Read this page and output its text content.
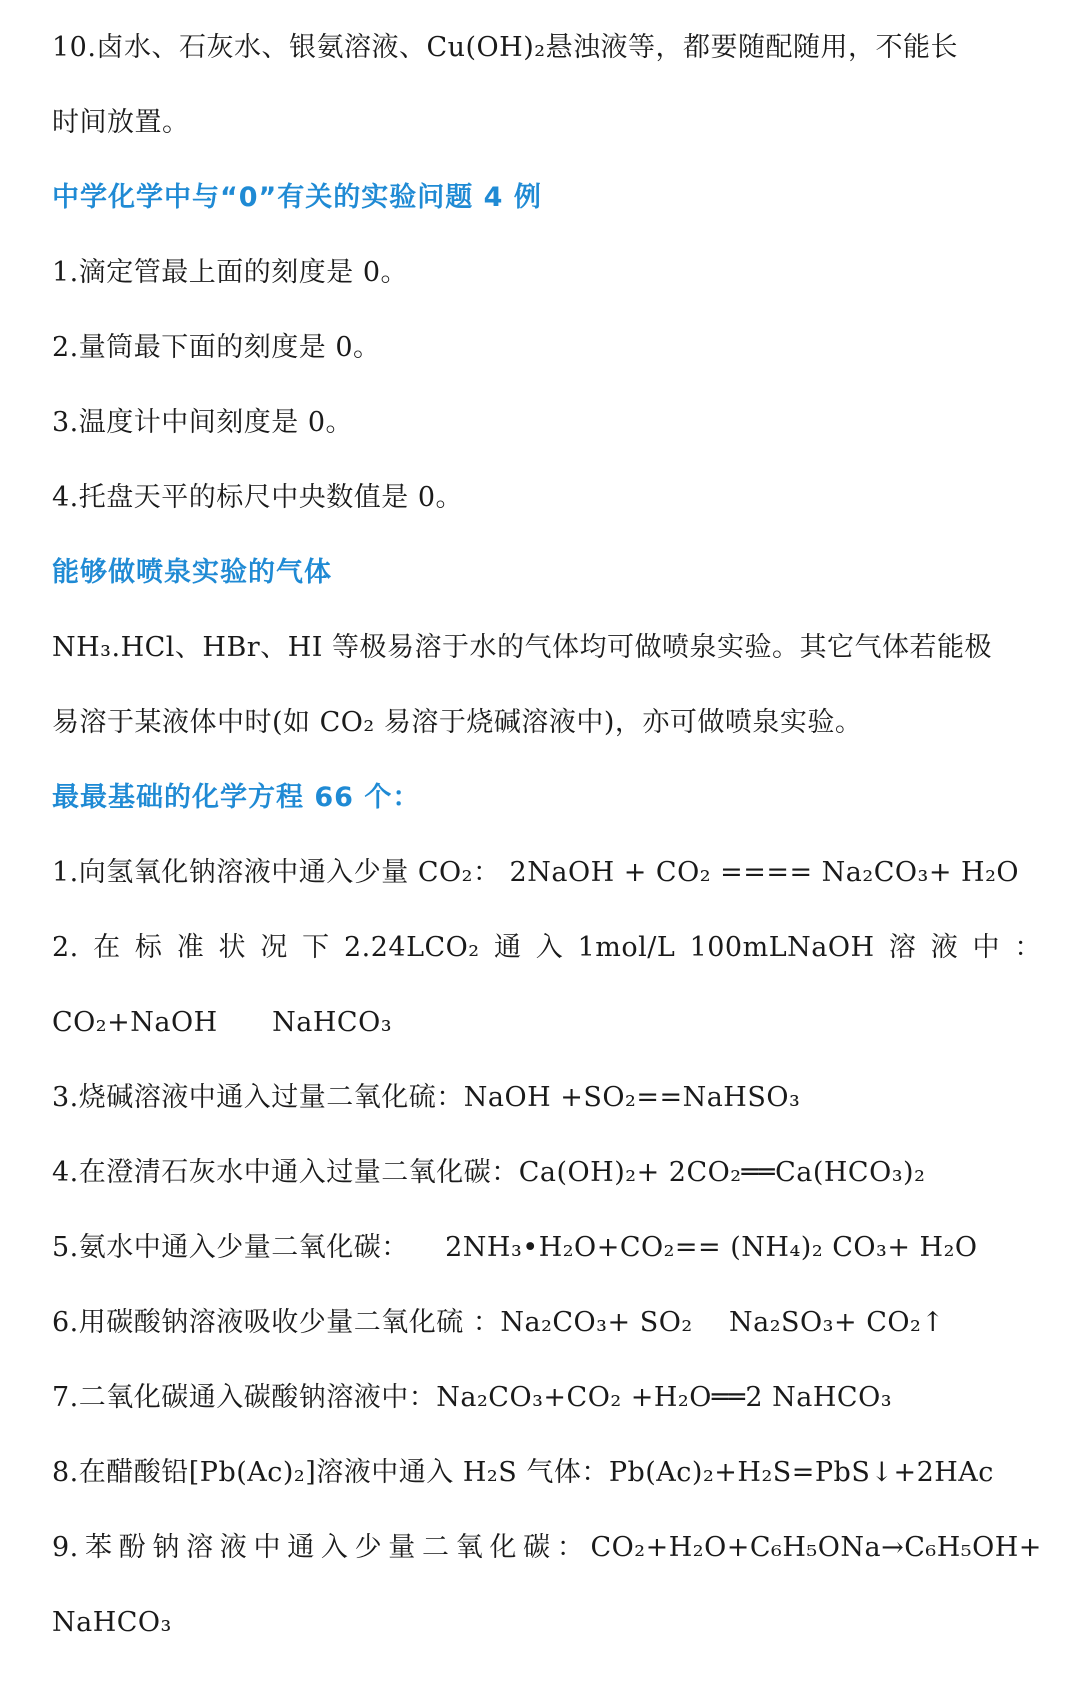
10.卤水、石灰水、银氨溶液、Cu(OH)₂悬浊液等，都要随配随用，不能长
时间放置。
中学化学中与“0”有关的实验问题 4 例
1.滴定管最上面的刻度是 0。
2.量筒最下面的刻度是 0。
3.温度计中间刻度是 0。
4.托盘天平的标尺中央数值是 0。
能够做喷泉实验的气体
NH₃.HCl、HBr、HI 等极易溶于水的气体均可做喷泉实验。其它气体若能极
易溶于某液体中时(如 CO₂ 易溶于烧碱溶液中)，亦可做喷泉实验。
最最基础的化学方程 66 个：
1.向氢氧化钠溶液中通入少量 CO₂： 2NaOH + CO₂ ==== Na₂CO₃+ H₂O
2. 在 标 准 状 况 下 2.24LCO₂ 通 入 1mol/L 100mLNaOH 溶 液 中 ：
CO₂+NaOH      NaHCO₃
3.烧碱溶液中通入过量二氧化硫：NaOH +SO₂==NaHSO₃
4.在澄清石灰水中通入过量二氧化碳：Ca(OH)₂+ 2CO₂══Ca(HCO₃)₂
5.氨水中通入少量二氧化碳：    2NH₃•H₂O+CO₂== (NH₄)₂ CO₃+ H₂O
6.用碳酸钠溶液吸收少量二氧化硫 ：Na₂CO₃+ SO₂    Na₂SO₃+ CO₂↑
7.二氧化碳通入碳酸钠溶液中：Na₂CO₃+CO₂ +H₂O══2 NaHCO₃
8.在醋酸铅[Pb(Ac)₂]溶液中通入 H₂S 气体：Pb(Ac)₂+H₂S=PbS↓+2HAc
9. 苯 酚 钠 溶 液 中 通 入 少 量 二 氧 化 碳 ： CO₂+H₂O+C₆H₅ONa→C₆H₅OH+
NaHCO₃
